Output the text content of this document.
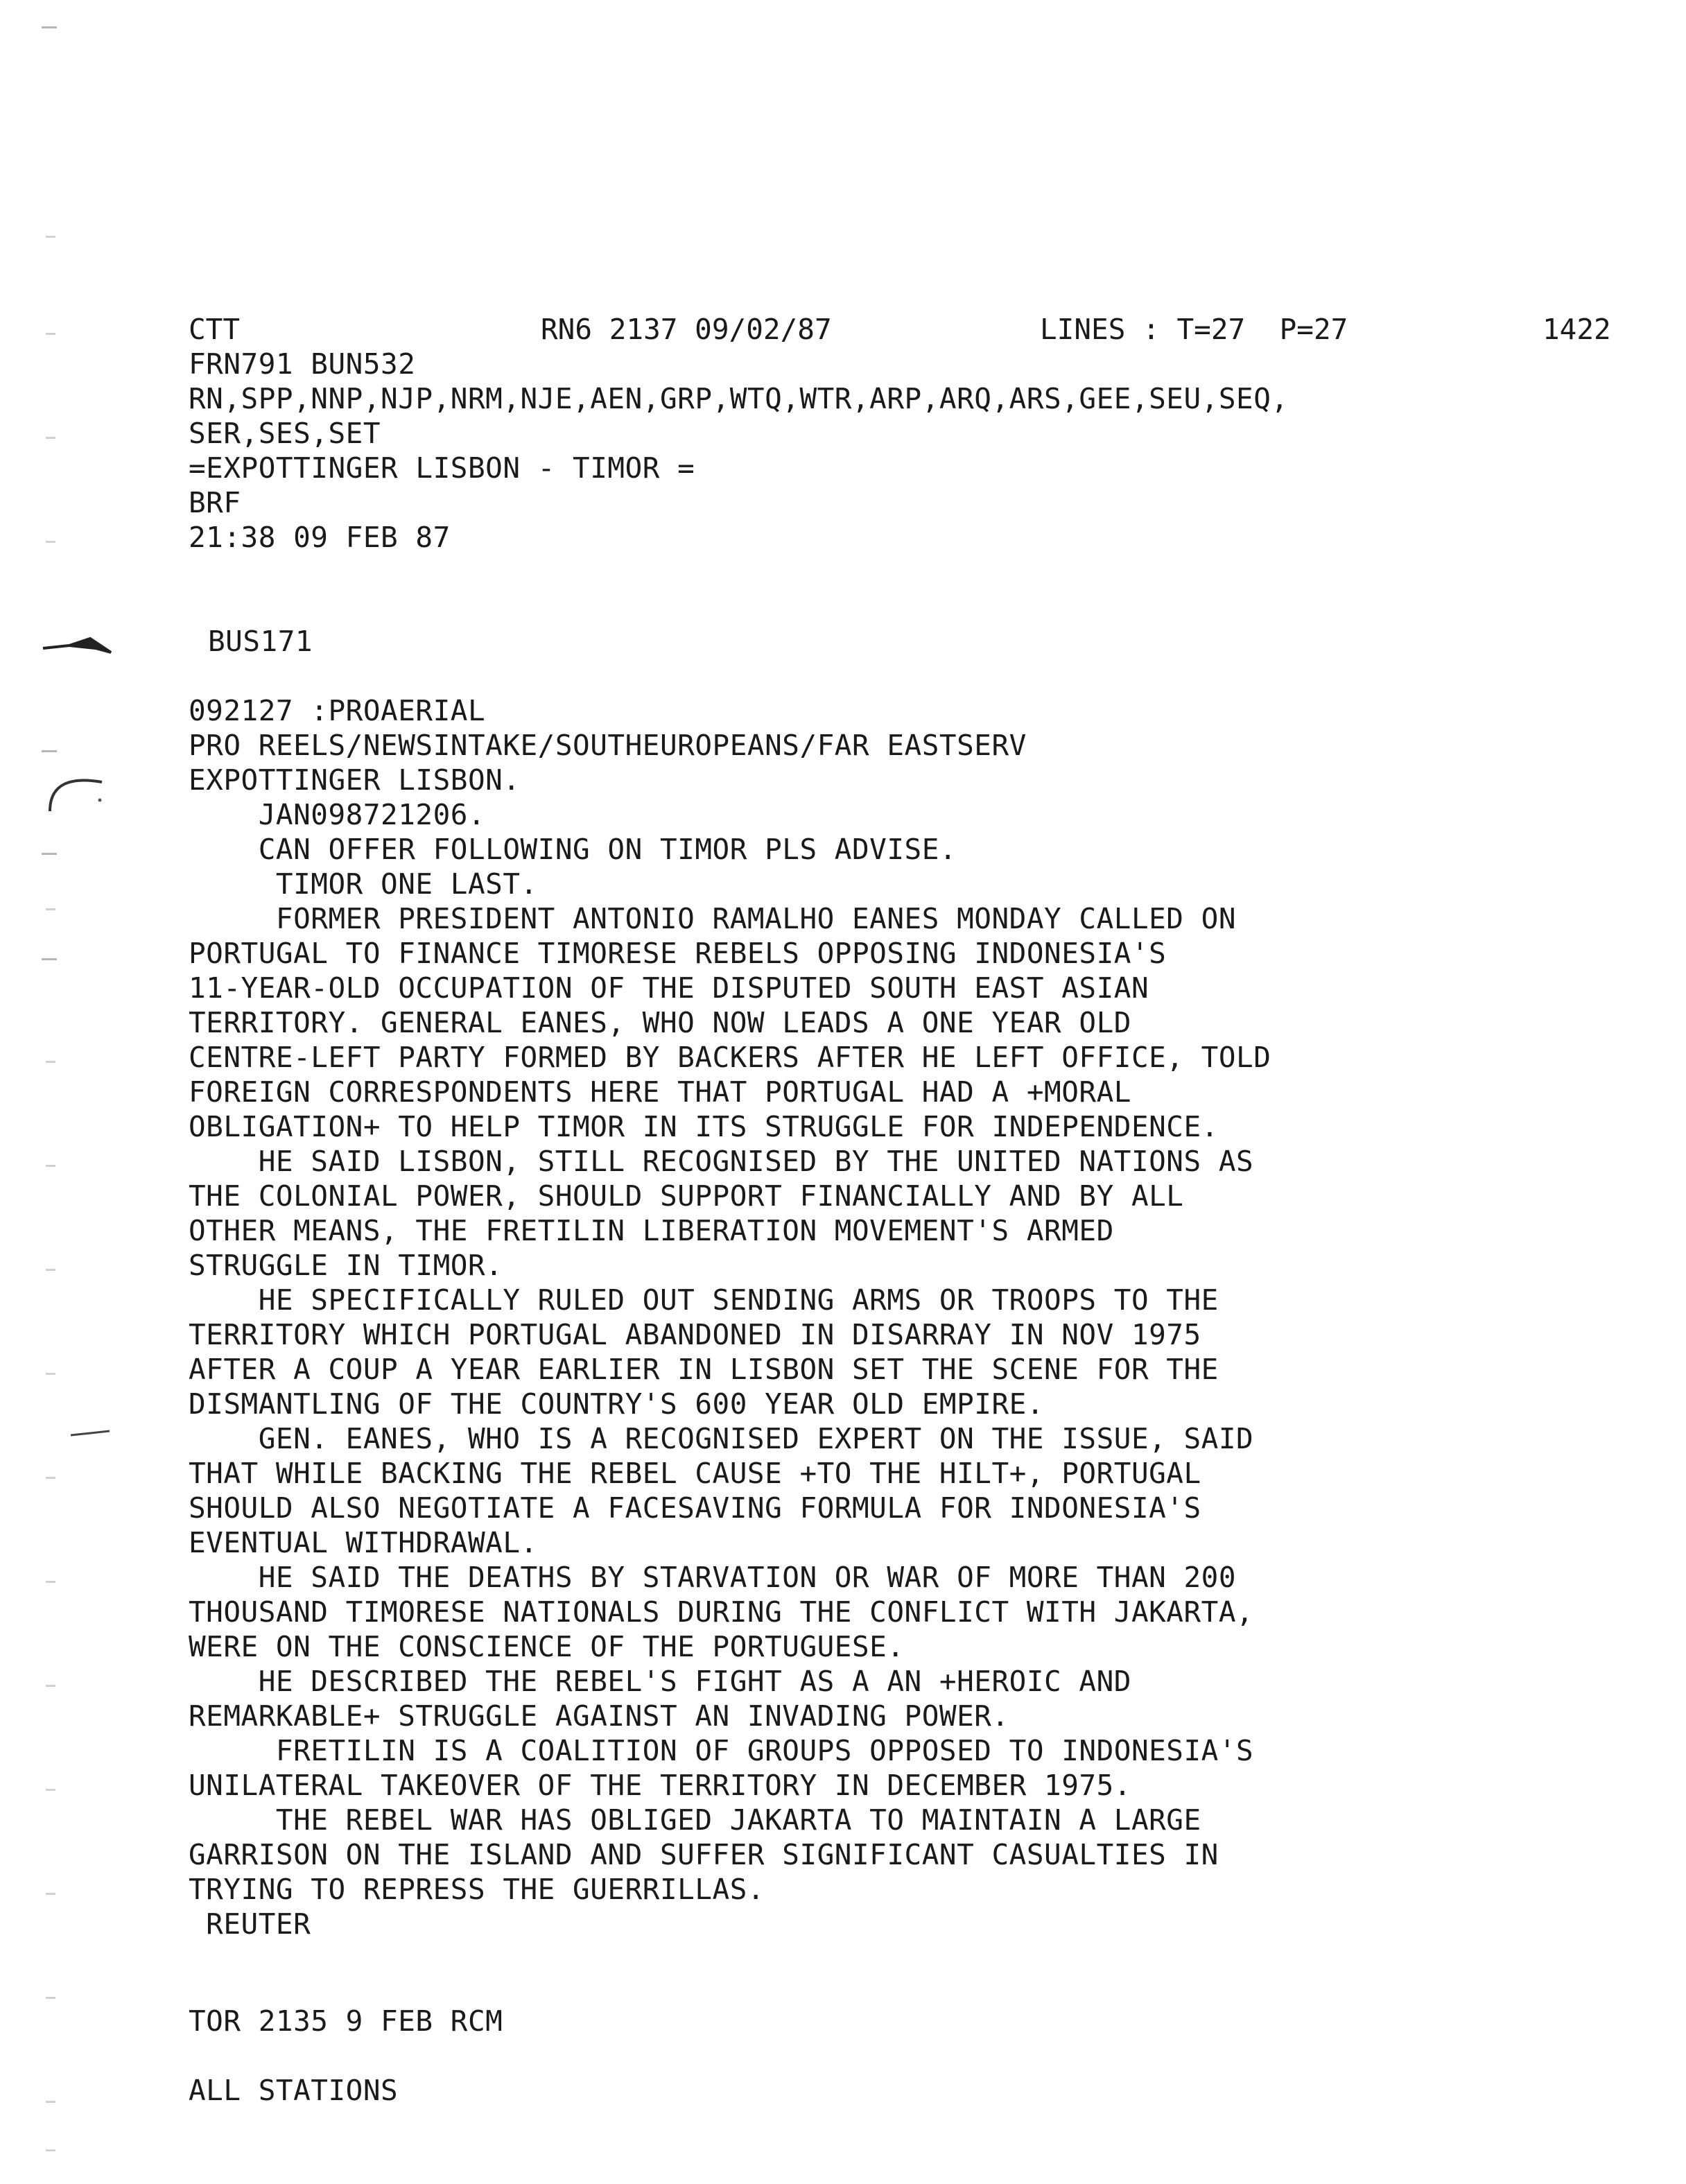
CTT	RN6 2137 09/02/87	LINES : T=27  P=27	1422
FRN791 BUN532
RN,SPP,NNP,NJP,NRM,NJE,AEN,GRP,WTQ,WTR,ARP,ARQ,ARS,GEE,SEU,SEQ,
SER,SES,SET
=EXPOTTINGER LISBON - TIMOR =
BRF
21:38 09 FEB 87
BUS171
092127 :PROAERIAL
PRO REELS/NEWSINTAKE/SOUTHEUROPEANS/FAR EASTSERV
EXPOTTINGER LISBON.
JAN098721206.
CAN OFFER FOLLOWING ON TIMOR PLS ADVISE.
TIMOR ONE LAST.
FORMER PRESIDENT ANTONIO RAMALHO EANES MONDAY CALLED ON
PORTUGAL TO FINANCE TIMORESE REBELS OPPOSING INDONESIA'S
11-YEAR-OLD OCCUPATION OF THE DISPUTED SOUTH EAST ASIAN
TERRITORY. GENERAL EANES, WHO NOW LEADS A ONE YEAR OLD
CENTRE-LEFT PARTY FORMED BY BACKERS AFTER HE LEFT OFFICE, TOLD
FOREIGN CORRESPONDENTS HERE THAT PORTUGAL HAD A +MORAL
OBLIGATION+ TO HELP TIMOR IN ITS STRUGGLE FOR INDEPENDENCE.
HE SAID LISBON, STILL RECOGNISED BY THE UNITED NATIONS AS
THE COLONIAL POWER, SHOULD SUPPORT FINANCIALLY AND BY ALL
OTHER MEANS, THE FRETILIN LIBERATION MOVEMENT'S ARMED
STRUGGLE IN TIMOR.
HE SPECIFICALLY RULED OUT SENDING ARMS OR TROOPS TO THE
TERRITORY WHICH PORTUGAL ABANDONED IN DISARRAY IN NOV 1975
AFTER A COUP A YEAR EARLIER IN LISBON SET THE SCENE FOR THE
DISMANTLING OF THE COUNTRY'S 600 YEAR OLD EMPIRE.
GEN. EANES, WHO IS A RECOGNISED EXPERT ON THE ISSUE, SAID
THAT WHILE BACKING THE REBEL CAUSE +TO THE HILT+, PORTUGAL
SHOULD ALSO NEGOTIATE A FACESAVING FORMULA FOR INDONESIA'S
EVENTUAL WITHDRAWAL.
HE SAID THE DEATHS BY STARVATION OR WAR OF MORE THAN 200
THOUSAND TIMORESE NATIONALS DURING THE CONFLICT WITH JAKARTA,
WERE ON THE CONSCIENCE OF THE PORTUGUESE.
HE DESCRIBED THE REBEL'S FIGHT AS A AN +HEROIC AND
REMARKABLE+ STRUGGLE AGAINST AN INVADING POWER.
FRETILIN IS A COALITION OF GROUPS OPPOSED TO INDONESIA'S
UNILATERAL TAKEOVER OF THE TERRITORY IN DECEMBER 1975.
THE REBEL WAR HAS OBLIGED JAKARTA TO MAINTAIN A LARGE
GARRISON ON THE ISLAND AND SUFFER SIGNIFICANT CASUALTIES IN
TRYING TO REPRESS THE GUERRILLAS.
REUTER
TOR 2135 9 FEB RCM
ALL STATIONS
